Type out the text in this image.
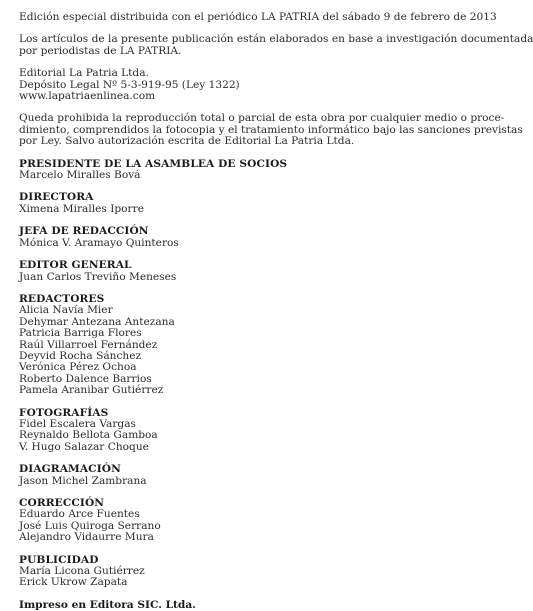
Edición especial distribuida con el periódico LA PATRIA del sábado 9 de febrero de 2013
Los artículos de la presente publicación están elaborados en base a investigación documentada
por periodistas de LA PATRIA.
Editorial La Patria Ltda.
Depósito Legal Nº 5-3-919-95 (Ley 1322)
www.lapatriaenlinea.com
Queda prohibida la reproducción total o parcial de esta obra por cualquier medio o proce-
dimiento, comprendidos la fotocopia y el tratamiento informático bajo las sanciones previstas
por Ley. Salvo autorización escrita de Editorial La Patria Ltda.
PRESIDENTE DE LA ASAMBLEA DE SOCIOS
Marcelo Miralles Bová
DIRECTORA
Ximena Miralles Iporre
JEFA DE REDACCIÓN
Mónica V. Aramayo Quinteros
EDITOR GENERAL
Juan Carlos Treviño Meneses
REDACTORES
Alicia Navía Mier
Dehymar Antezana Antezana
Patricia Barriga Flores
Raúl Villarroel Fernández
Deyvid Rocha Sánchez
Verónica Pérez Ochoa
Roberto Dalence Barrios
Pamela Aranibar Gutiérrez
FOTOGRAFÍAS
Fidel Escalera Vargas
Reynaldo Bellota Gamboa
V. Hugo Salazar Choque
DIAGRAMACIÓN
Jason Michel Zambrana
CORRECCIÓN
Eduardo Arce Fuentes
José Luis Quiroga Serrano
Alejandro Vidaurre Mura
PUBLICIDAD
María Licona Gutiérrez
Erick Ukrow Zapata
Impreso en Editora SIC. Ltda.
